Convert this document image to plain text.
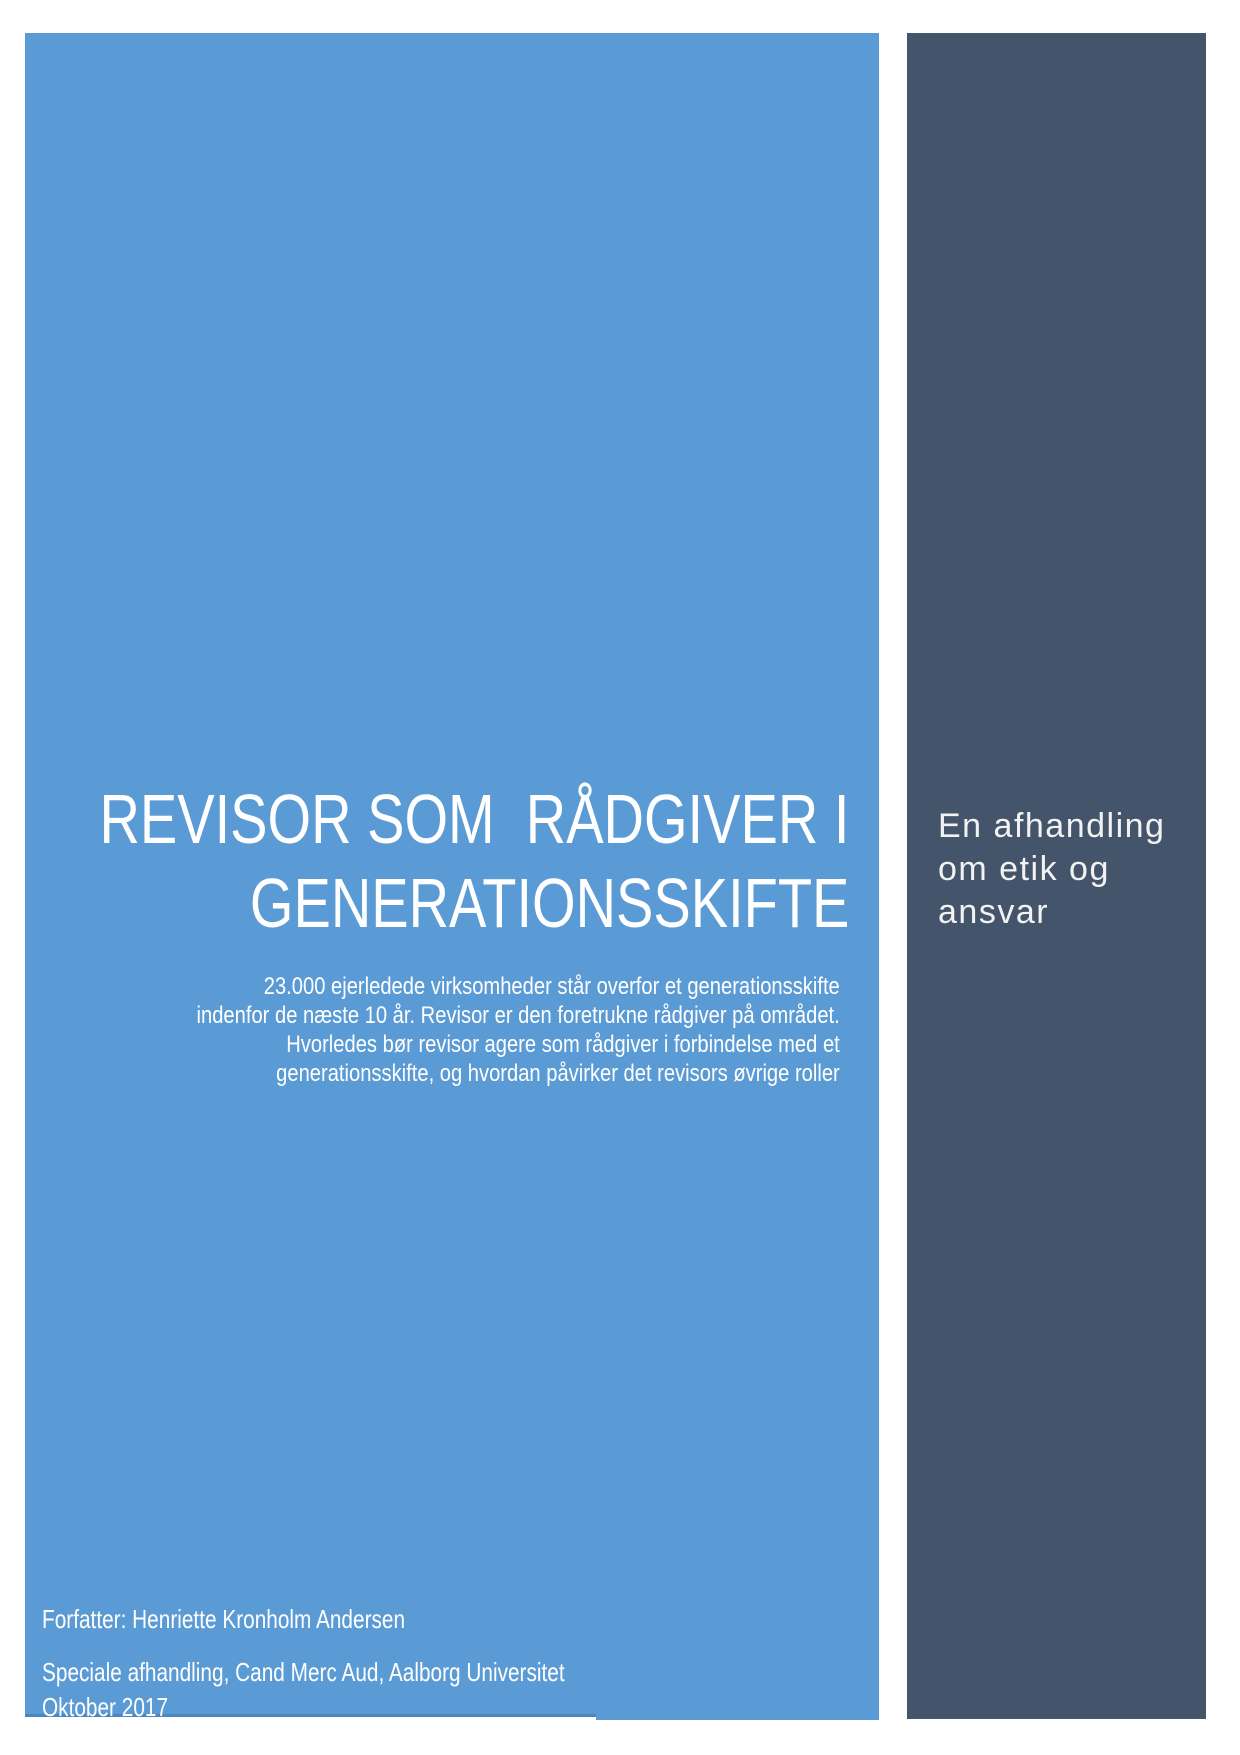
REVISOR SOM  RÅDGIVER I
GENERATIONSSKIFTE
23.000 ejerledede virksomheder står overfor et generationsskifte
indenfor de næste 10 år. Revisor er den foretrukne rådgiver på området.
Hvorledes bør revisor agere som rådgiver i forbindelse med et
generationsskifte, og hvordan påvirker det revisors øvrige roller
En afhandling
om etik og
ansvar
Forfatter: Henriette Kronholm Andersen
Speciale afhandling, Cand Merc Aud, Aalborg Universitet
Oktober 2017
